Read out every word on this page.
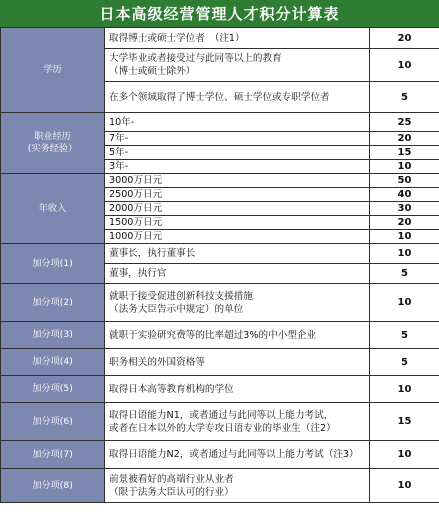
日本高级经营管理人才积分计算表
学历	取得博士或硕士学位者　（注1）	20

	大学毕业或者接受过与此同等以上的教育
（博士或硕士除外）	10
	在多个领域取得了博士学位、硕士学位或专职学位者	5

职业经历
(实务经验）	10年-	25
	7年-	20
	5年-	15
	3年-	10
年收入	3000万日元	50
	2500万日元	40
	2000万日元	30
	1500万日元	20
	1000万日元	10
加分项(1)	董事长，执行董事长	10
	董事，执行官	5
加分项(2)	就职于接受促进创新科技支援措施
（法务大臣告示中规定）的单位	10
加分项(3)	就职于实验研究费等的比率超过3%的中小型企业	5
加分项(4)	职务相关的外国资格等	5
加分项(5)	取得日本高等教育机构的学位	10
加分项(6)	取得日语能力N1，或者通过与此同等以上能力考试，
或者在日本以外的大学专攻日语专业的毕业生（注2）	15
加分项(7)	取得日语能力N2，或者通过与此同等以上能力考试（注3）	10
加分项(8)	前景被看好的高端行业从业者
（限于法务大臣认可的行业）	10
